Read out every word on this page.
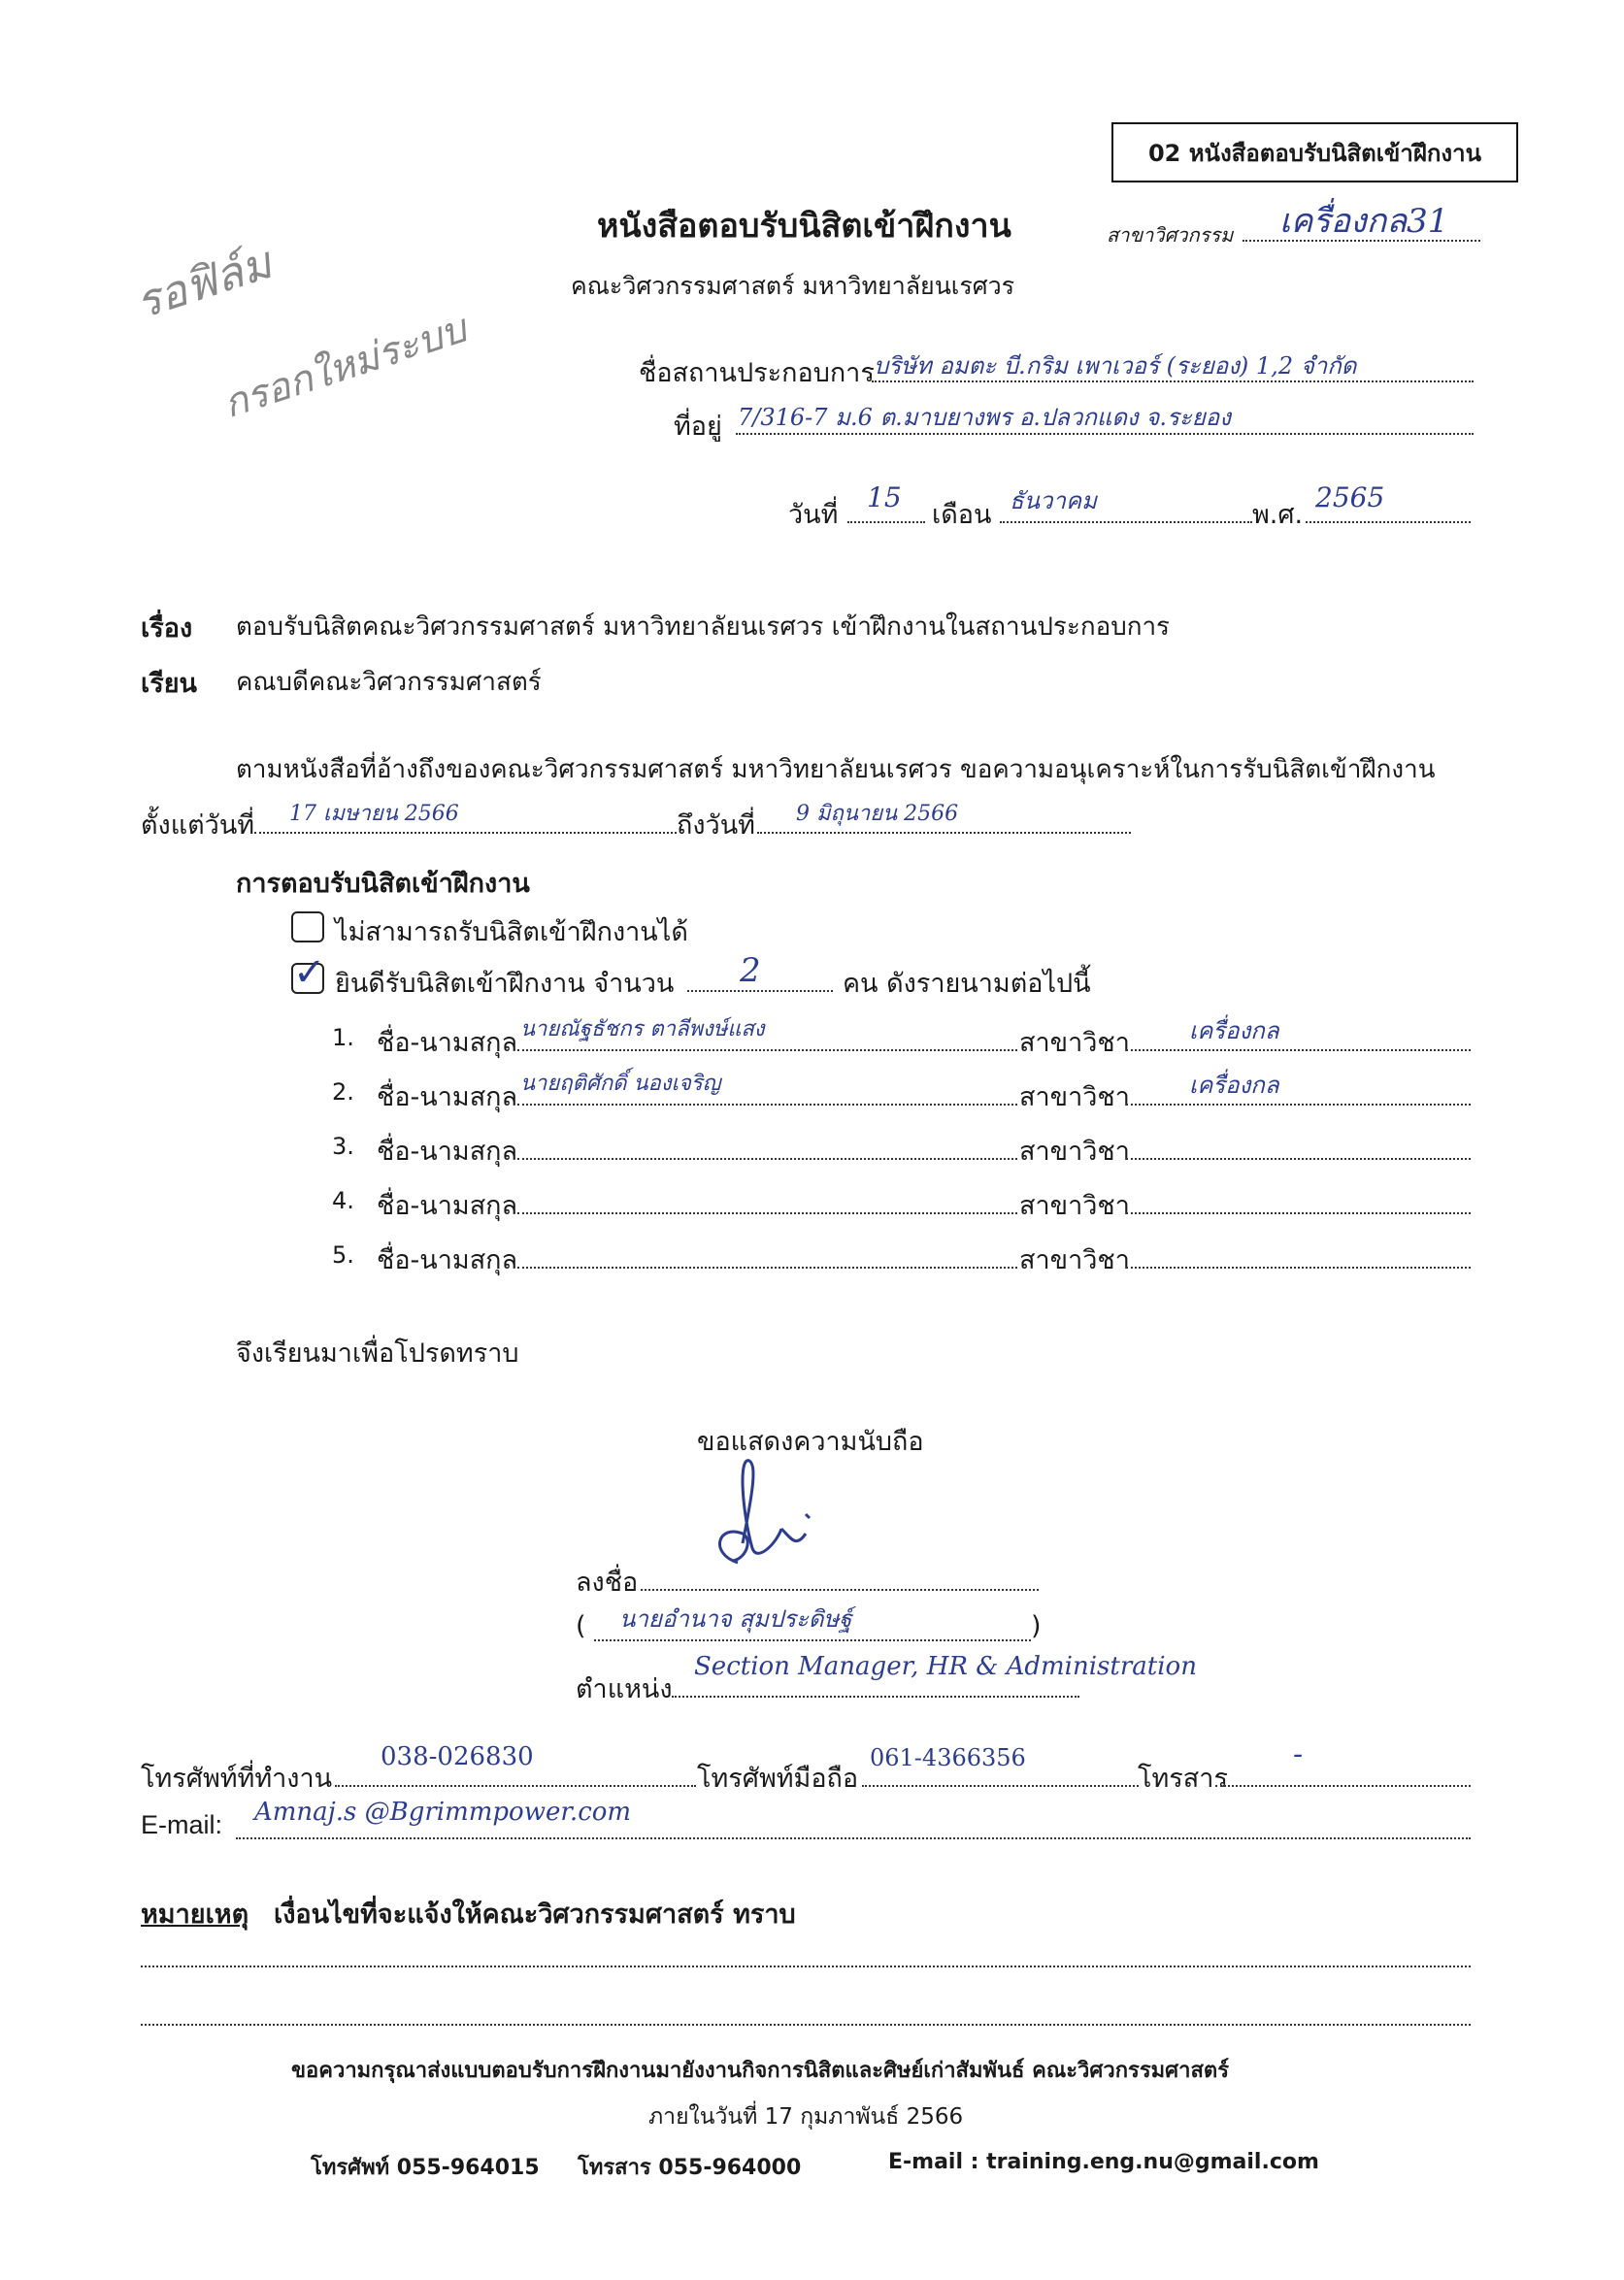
02 หนังสือตอบรับนิสิตเข้าฝึกงาน
รอฟิล์ม
กรอกใหม่ระบบ
หนังสือตอบรับนิสิตเข้าฝึกงาน
คณะวิศวกรรมศาสตร์ มหาวิทยาลัยนเรศวร
สาขาวิศวกรรม เครื่องกล31
ชื่อสถานประกอบการ บริษัท อมตะ บี.กริม เพาเวอร์ (ระยอง) 1,2 จำกัด
ที่อยู่ 7/316-7 ม.6 ต.มาบยางพร อ.ปลวกแดง จ.ระยอง
วันที่
15
เดือน ธันวาคม	พ.ศ.
2565
เรื่อง ตอบรับนิสิตคณะวิศวกรรมศาสตร์ มหาวิทยาลัยนเรศวร เข้าฝึกงานในสถานประกอบการ
เรียน คณบดีคณะวิศวกรรมศาสตร์
ตามหนังสือที่อ้างถึงของคณะวิศวกรรมศาสตร์ มหาวิทยาลัยนเรศวร ขอความอนุเคราะห์ในการรับนิสิตเข้าฝึกงาน
ตั้งแต่วันที่ 17 เมษายน 2566	ถึงวันที่ 9 มิถุนายน 2566
การตอบรับนิสิตเข้าฝึกงาน
ไม่สามารถรับนิสิตเข้าฝึกงานได้
✓ ยินดีรับนิสิตเข้าฝึกงาน จำนวน 2	คน ดังรายนามต่อไปนี้
1. ชื่อ-นามสกุล นายณัฐธัชกร ตาลีพงษ์แสง	สาขาวิชา	เครื่องกล
2. ชื่อ-นามสกุล นายฤติศักดิ์ นองเจริญ	สาขาวิชา	เครื่องกล
3. ชื่อ-นามสกุล	สาขาวิชา
4. ชื่อ-นามสกุล	สาขาวิชา
5. ชื่อ-นามสกุล	สาขาวิชา
จึงเรียนมาเพื่อโปรดทราบ
ขอแสดงความนับถือ
ลงชื่อ
( นายอำนาจ สุมประดิษฐ์	)
ตำแหน่ง
Section Manager, HR & Administration
โทรศัพท์ที่ทำงาน
038-026830
โทรศัพท์มือถือ
061-4366356
โทรสาร
-
E-mail: Amnaj.s @Bgrimmpower.com
หมายเหตุ เงื่อนไขที่จะแจ้งให้คณะวิศวกรรมศาสตร์ ทราบ
ขอความกรุณาส่งแบบตอบรับการฝึกงานมายังงานกิจการนิสิตและศิษย์เก่าสัมพันธ์ คณะวิศวกรรมศาสตร์
ภายในวันที่ 17 กุมภาพันธ์ 2566
โทรศัพท์ 055-964015 โทรสาร 055-964000	E-mail : training.eng.nu@gmail.com
